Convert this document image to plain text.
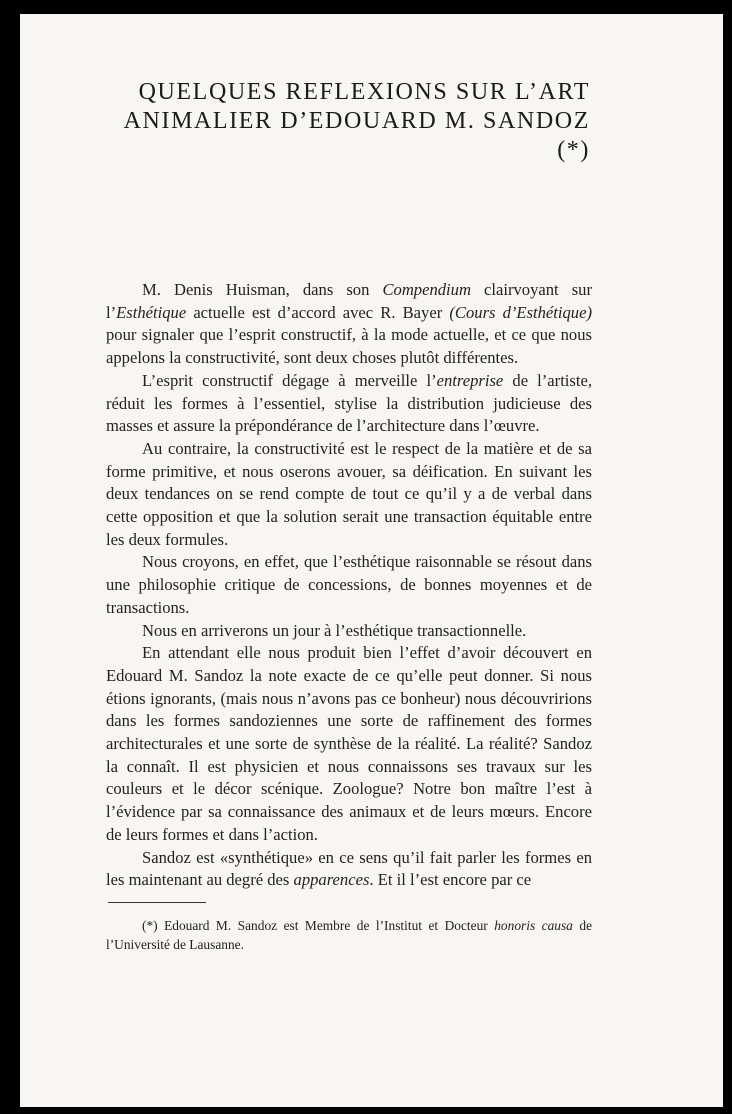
QUELQUES REFLEXIONS SUR L’ART
ANIMALIER D’EDOUARD M. SANDOZ (*)

M. Denis Huisman, dans son Compendium clairvoyant sur l’Esthétique actuelle est d’accord avec R. Bayer (Cours d’Esthétique) pour signaler que l’esprit constructif, à la mode actuelle, et ce que nous appelons la constructivité, sont deux choses plutôt différentes.

L’esprit constructif dégage à merveille l’entreprise de l’artiste, réduit les formes à l’essentiel, stylise la distribution judicieuse des masses et assure la prépondérance de l’architecture dans l’œuvre.

Au contraire, la constructivité est le respect de la matière et de sa forme primitive, et nous oserons avouer, sa déification. En suivant les deux tendances on se rend compte de tout ce qu’il y a de verbal dans cette opposition et que la solution serait une transaction équitable entre les deux formules.

Nous croyons, en effet, que l’esthétique raisonnable se résout dans une philosophie critique de concessions, de bonnes moyennes et de transactions.

Nous en arriverons un jour à l’esthétique transactionnelle.

En attendant elle nous produit bien l’effet d’avoir découvert en Edouard M. Sandoz la note exacte de ce qu’elle peut donner. Si nous étions ignorants, (mais nous n’avons pas ce bonheur) nous découvririons dans les formes sandoziennes une sorte de raffinement des formes architecturales et une sorte de synthèse de la réalité. La réalité? Sandoz la connaît. Il est physicien et nous connaissons ses travaux sur les couleurs et le décor scénique. Zoologue? Notre bon maître l’est à l’évidence par sa connaissance des animaux et de leurs mœurs. Encore de leurs formes et dans l’action.

Sandoz est «synthétique» en ce sens qu’il fait parler les formes en les maintenant au degré des apparences. Et il l’est encore par ce

(*) Edouard M. Sandoz est Membre de l’Institut et Docteur honoris causa de l’Université de Lausanne.
